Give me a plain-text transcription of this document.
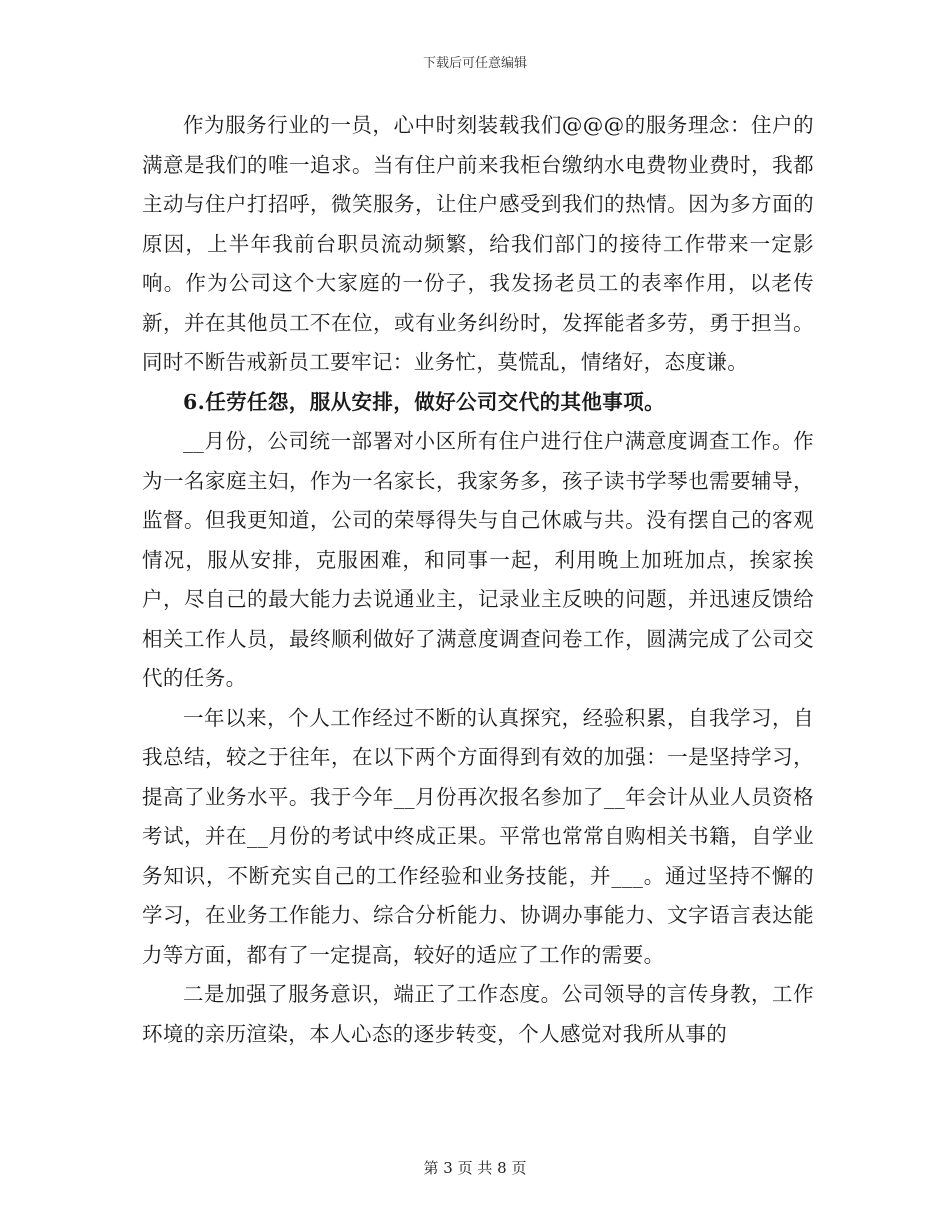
下载后可任意编辑

作为服务行业的一员，心中时刻装载我们@@@的服务理念：住户的满意是我们的唯一追求。当有住户前来我柜台缴纳水电费物业费时，我都主动与住户打招呼，微笑服务，让住户感受到我们的热情。因为多方面的原因，上半年我前台职员流动频繁，给我们部门的接待工作带来一定影响。作为公司这个大家庭的一份子，我发扬老员工的表率作用，以老传新，并在其他员工不在位，或有业务纠纷时，发挥能者多劳，勇于担当。同时不断告戒新员工要牢记：业务忙，莫慌乱，情绪好，态度谦。

6.任劳任怨，服从安排，做好公司交代的其他事项。

__月份，公司统一部署对小区所有住户进行住户满意度调查工作。作为一名家庭主妇，作为一名家长，我家务多，孩子读书学琴也需要辅导，监督。但我更知道，公司的荣辱得失与自己休戚与共。没有摆自己的客观情况，服从安排，克服困难，和同事一起，利用晚上加班加点，挨家挨户，尽自己的最大能力去说通业主，记录业主反映的问题，并迅速反馈给相关工作人员，最终顺利做好了满意度调查问卷工作，圆满完成了公司交代的任务。

一年以来，个人工作经过不断的认真探究，经验积累，自我学习，自我总结，较之于往年，在以下两个方面得到有效的加强：一是坚持学习，提高了业务水平。我于今年__月份再次报名参加了__年会计从业人员资格考试，并在__月份的考试中终成正果。平常也常常自购相关书籍，自学业务知识，不断充实自己的工作经验和业务技能，并___。通过坚持不懈的学习，在业务工作能力、综合分析能力、协调办事能力、文字语言表达能力等方面，都有了一定提高，较好的适应了工作的需要。

二是加强了服务意识，端正了工作态度。公司领导的言传身教，工作环境的亲历渲染，本人心态的逐步转变，个人感觉对我所从事的

第 3 页 共 8 页
